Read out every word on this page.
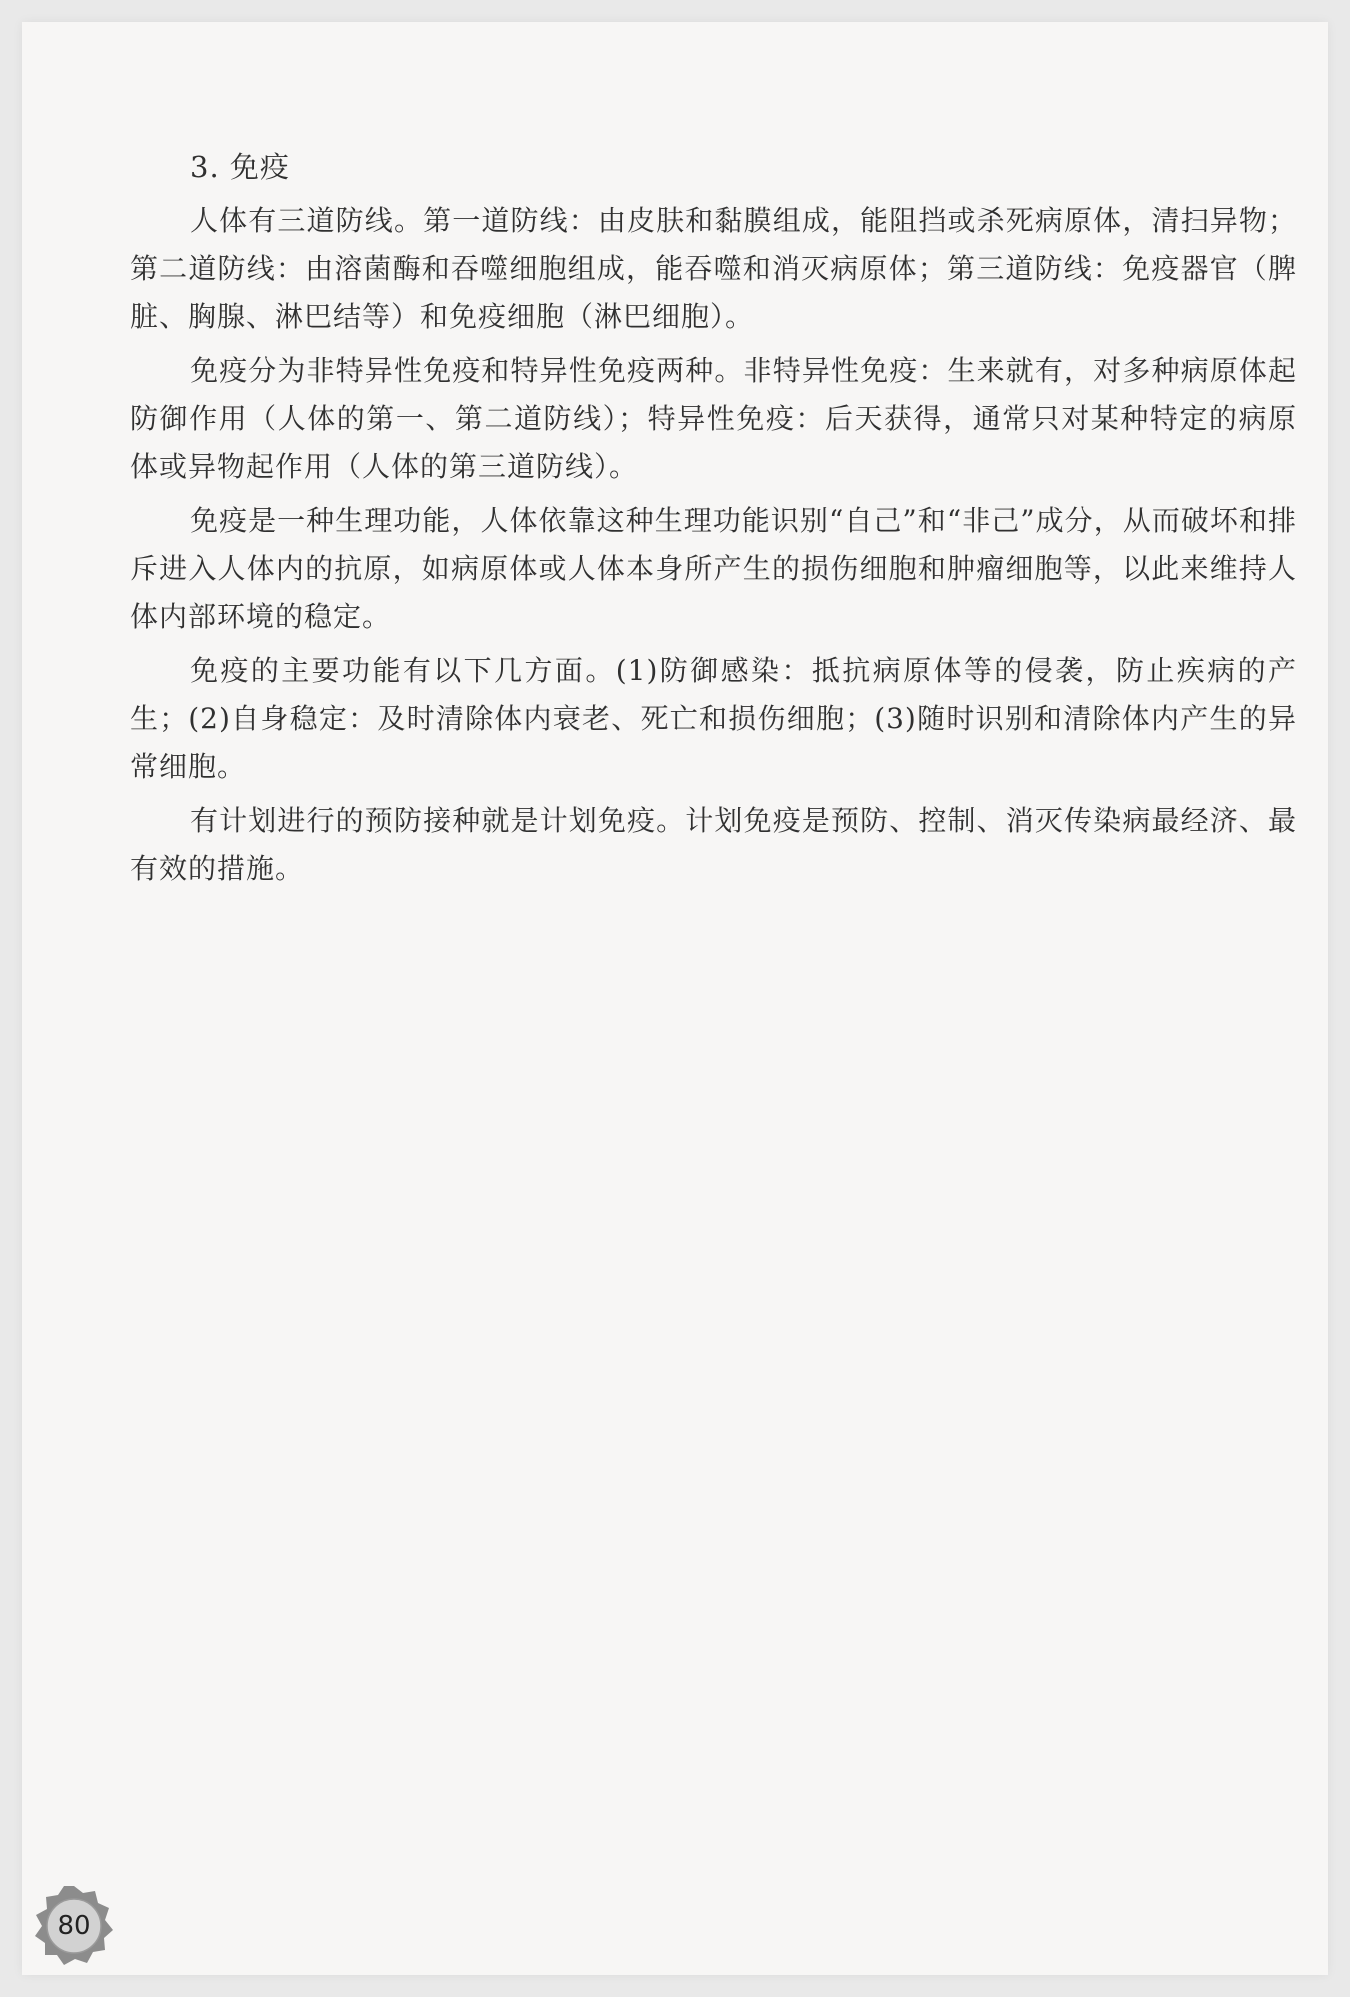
3. 免疫

人体有三道防线。第一道防线：由皮肤和黏膜组成，能阻挡或杀死病原体，清扫异物；第二道防线：由溶菌酶和吞噬细胞组成，能吞噬和消灭病原体；第三道防线：免疫器官（脾脏、胸腺、淋巴结等）和免疫细胞（淋巴细胞）。

免疫分为非特异性免疫和特异性免疫两种。非特异性免疫：生来就有，对多种病原体起防御作用（人体的第一、第二道防线）；特异性免疫：后天获得，通常只对某种特定的病原体或异物起作用（人体的第三道防线）。

免疫是一种生理功能，人体依靠这种生理功能识别“自己”和“非己”成分，从而破坏和排斥进入人体内的抗原，如病原体或人体本身所产生的损伤细胞和肿瘤细胞等，以此来维持人体内部环境的稳定。

免疫的主要功能有以下几方面。(1)防御感染：抵抗病原体等的侵袭，防止疾病的产生；(2)自身稳定：及时清除体内衰老、死亡和损伤细胞；(3)随时识别和清除体内产生的异常细胞。

有计划进行的预防接种就是计划免疫。计划免疫是预防、控制、消灭传染病最经济、最有效的措施。

80
